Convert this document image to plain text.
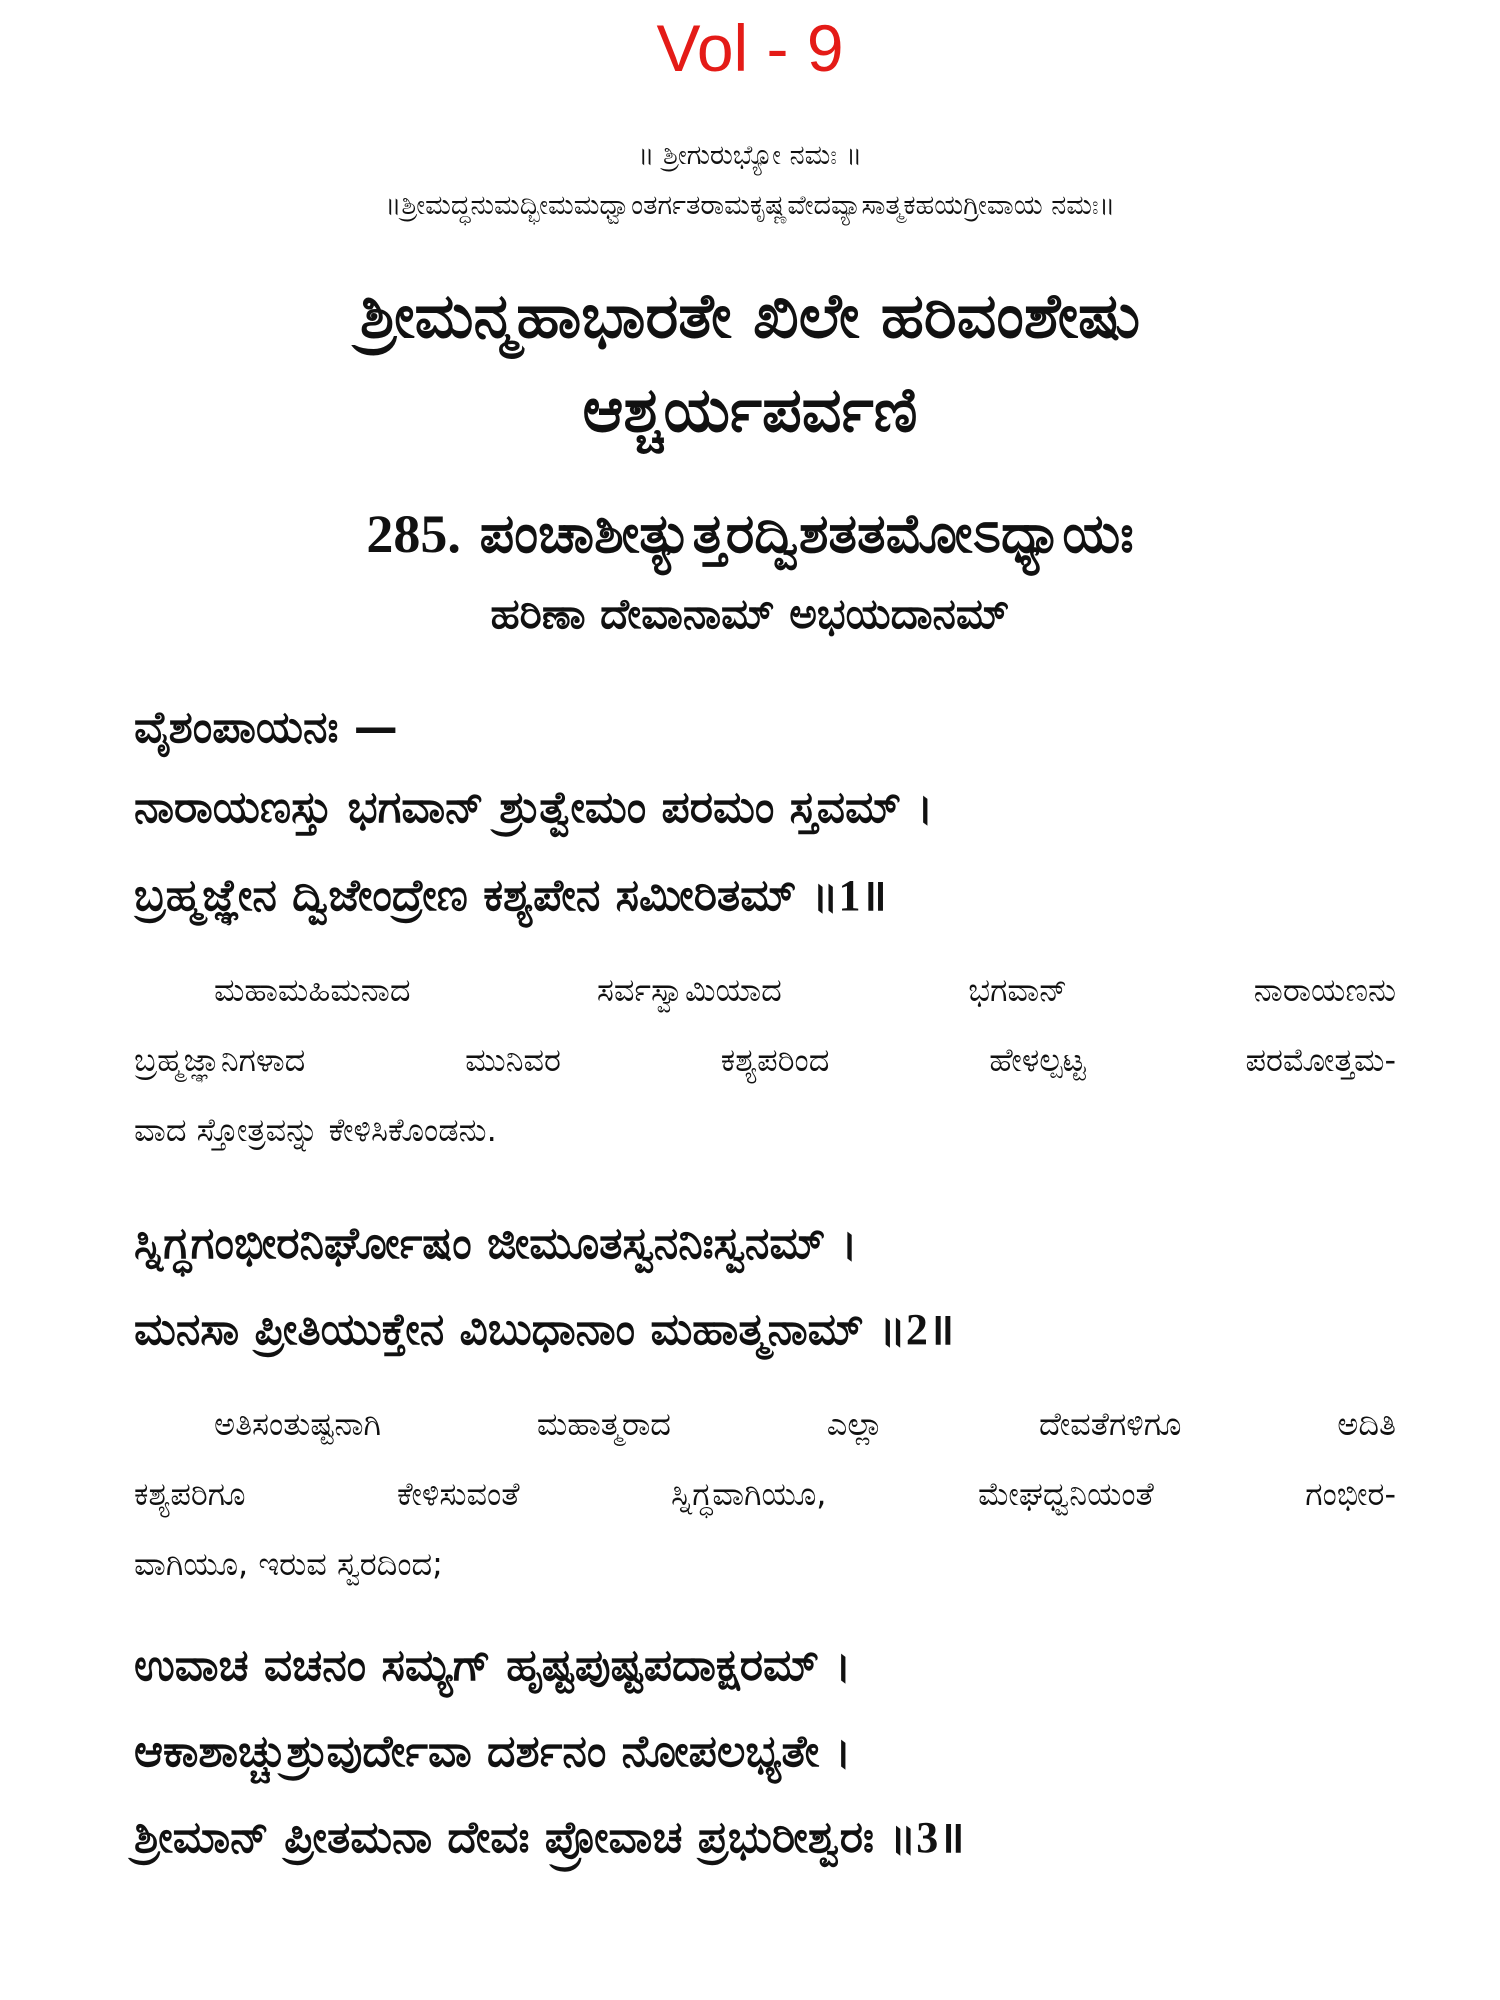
Vol - 9
॥ ಶ್ರೀಗುರುಭ್ಯೋ ನಮಃ ॥
॥ಶ್ರೀಮದ್ಧನುಮದ್ಭೀಮಮಧ್ವಾಂತರ್ಗತರಾಮಕೃಷ್ಣವೇದವ್ಯಾಸಾತ್ಮಕಹಯಗ್ರೀವಾಯ ನಮಃ॥
ಶ್ರೀಮನ್ಮಹಾಭಾರತೇ ಖಿಲೇ ಹರಿವಂಶೇಷು
ಆಶ್ಚರ್ಯಪರ್ವಣಿ
285. ಪಂಚಾಶೀತ್ಯುತ್ತರದ್ವಿಶತತಮೋಽಧ್ಯಾಯಃ
ಹರಿಣಾ ದೇವಾನಾಮ್ ಅಭಯದಾನಮ್
ವೈಶಂಪಾಯನಃ —
ನಾರಾಯಣಸ್ತು ಭಗವಾನ್ ಶ್ರುತ್ವೇಮಂ ಪರಮಂ ಸ್ತವಮ್ ।
ಬ್ರಹ್ಮಜ್ಞೇನ ದ್ವಿಜೇಂದ್ರೇಣ ಕಶ್ಯಪೇನ ಸಮೀರಿತಮ್ ॥1॥
ಮಹಾಮಹಿಮನಾದ ಸರ್ವಸ್ವಾಮಿಯಾದ ಭಗವಾನ್ ನಾರಾಯಣನು
ಬ್ರಹ್ಮಜ್ಞಾನಿಗಳಾದ ಮುನಿವರ ಕಶ್ಯಪರಿಂದ ಹೇಳಲ್ಪಟ್ಟ ಪರಮೋತ್ತಮ-
ವಾದ ಸ್ತೋತ್ರವನ್ನು ಕೇಳಿಸಿಕೊಂಡನು.
ಸ್ನಿಗ್ಧಗಂಭೀರನಿರ್ಘೋಷಂ ಜೀಮೂತಸ್ವನನಿಃಸ್ವನಮ್ ।
ಮನಸಾ ಪ್ರೀತಿಯುಕ್ತೇನ ವಿಬುಧಾನಾಂ ಮಹಾತ್ಮನಾಮ್ ॥2॥
ಅತಿಸಂತುಷ್ಟನಾಗಿ ಮಹಾತ್ಮರಾದ ಎಲ್ಲಾ ದೇವತೆಗಳಿಗೂ ಅದಿತಿ
ಕಶ್ಯಪರಿಗೂ ಕೇಳಿಸುವಂತೆ ಸ್ನಿಗ್ಧವಾಗಿಯೂ, ಮೇಘಧ್ವನಿಯಂತೆ ಗಂಭೀರ-
ವಾಗಿಯೂ, ಇರುವ ಸ್ವರದಿಂದ;
ಉವಾಚ ವಚನಂ ಸಮ್ಯಗ್ ಹೃಷ್ಟಪುಷ್ಟಪದಾಕ್ಷರಮ್ ।
ಆಕಾಶಾಚ್ಚುಶ್ರುವುರ್ದೇವಾ ದರ್ಶನಂ ನೋಪಲಭ್ಯತೇ ।
ಶ್ರೀಮಾನ್ ಪ್ರೀತಮನಾ ದೇವಃ ಪ್ರೋವಾಚ ಪ್ರಭುರೀಶ್ವರಃ ॥3॥
